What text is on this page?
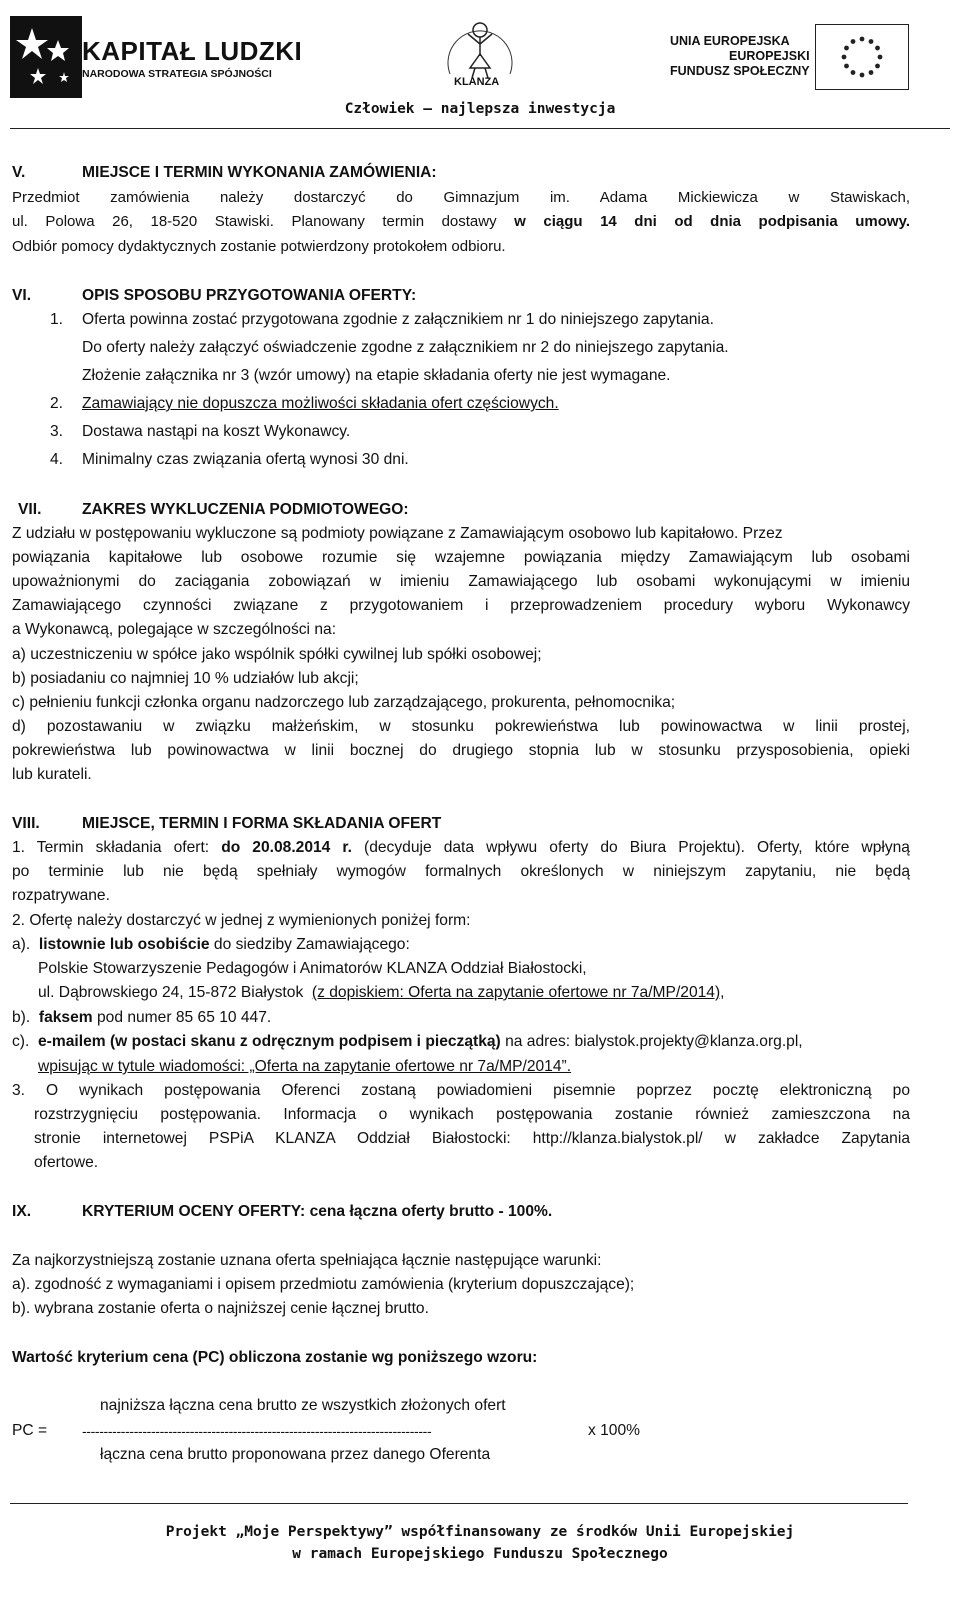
KAPITAŁ LUDZKI
NARODOWA STRATEGIA SPÓJNOŚCI
KLANZA
UNIA EUROPEJSKA
EUROPEJSKI
FUNDUSZ SPOŁECZNY
Człowiek – najlepsza inwestycja
V.	MIEJSCE I TERMIN WYKONANIA ZAMÓWIENIA:
Przedmiot zamówienia należy dostarczyć do Gimnazjum im. Adama Mickiewicza w Stawiskach,
ul. Polowa 26, 18-520 Stawiski. Planowany termin dostawy w ciągu 14 dni od dnia podpisania umowy.
Odbiór pomocy dydaktycznych zostanie potwierdzony protokołem odbioru.
VI.	OPIS SPOSOBU PRZYGOTOWANIA OFERTY:
1. Oferta powinna zostać przygotowana zgodnie z załącznikiem nr 1 do niniejszego zapytania.
Do oferty należy załączyć oświadczenie zgodne z załącznikiem nr 2 do niniejszego zapytania.
Złożenie załącznika nr 3 (wzór umowy) na etapie składania oferty nie jest wymagane.
2. Zamawiający nie dopuszcza możliwości składania ofert częściowych.
3. Dostawa nastąpi na koszt Wykonawcy.
4. Minimalny czas związania ofertą wynosi 30 dni.
VII.	ZAKRES WYKLUCZENIA PODMIOTOWEGO:
Z udziału w postępowaniu wykluczone są podmioty powiązane z Zamawiającym osobowo lub kapitałowo. Przez
powiązania kapitałowe lub osobowe rozumie się wzajemne powiązania między Zamawiającym lub osobami
upoważnionymi do zaciągania zobowiązań w imieniu Zamawiającego lub osobami wykonującymi w imieniu
Zamawiającego czynności związane z przygotowaniem i przeprowadzeniem procedury wyboru Wykonawcy
a Wykonawcą, polegające w szczególności na:
a) uczestniczeniu w spółce jako wspólnik spółki cywilnej lub spółki osobowej;
b) posiadaniu co najmniej 10 % udziałów lub akcji;
c) pełnieniu funkcji członka organu nadzorczego lub zarządzającego, prokurenta, pełnomocnika;
d) pozostawaniu w związku małżeńskim, w stosunku pokrewieństwa lub powinowactwa w linii prostej,
pokrewieństwa lub powinowactwa w linii bocznej do drugiego stopnia lub w stosunku przysposobienia, opieki
lub kurateli.
VIII.	MIEJSCE, TERMIN I FORMA SKŁADANIA OFERT
1. Termin składania ofert: do 20.08.2014 r. (decyduje data wpływu oferty do Biura Projektu). Oferty, które wpłyną
po terminie lub nie będą spełniały wymogów formalnych określonych w niniejszym zapytaniu, nie będą
rozpatrywane.
2. Ofertę należy dostarczyć w jednej z wymienionych poniżej form:
a). listownie lub osobiście do siedziby Zamawiającego:
Polskie Stowarzyszenie Pedagogów i Animatorów KLANZA Oddział Białostocki,
ul. Dąbrowskiego 24, 15-872 Białystok (z dopiskiem: Oferta na zapytanie ofertowe nr 7a/MP/2014),
b). faksem pod numer 85 65 10 447.
c). e-mailem (w postaci skanu z odręcznym podpisem i pieczątką) na adres: bialystok.projekty@klanza.org.pl,
wpisując w tytule wiadomości: „Oferta na zapytanie ofertowe nr 7a/MP/2014”.
3. O wynikach postępowania Oferenci zostaną powiadomieni pisemnie poprzez pocztę elektroniczną po
rozstrzygnięciu postępowania. Informacja o wynikach postępowania zostanie również zamieszczona na
stronie internetowej PSPiA KLANZA Oddział Białostocki: http://klanza.bialystok.pl/ w zakładce Zapytania
ofertowe.
IX.	KRYTERIUM OCENY OFERTY: cena łączna oferty brutto - 100%.
Za najkorzystniejszą zostanie uznana oferta spełniająca łącznie następujące warunki:
a). zgodność z wymaganiami i opisem przedmiotu zamówienia (kryterium dopuszczające);
b). wybrana zostanie oferta o najniższej cenie łącznej brutto.
Wartość kryterium cena (PC) obliczona zostanie wg poniższego wzoru:
najniższa łączna cena brutto ze wszystkich złożonych ofert
PC = ---------------------------------------------------------------------------------	x 100%
łączna cena brutto proponowana przez danego Oferenta
Projekt „Moje Perspektywy” współfinansowany ze środków Unii Europejskiej
w ramach Europejskiego Funduszu Społecznego
